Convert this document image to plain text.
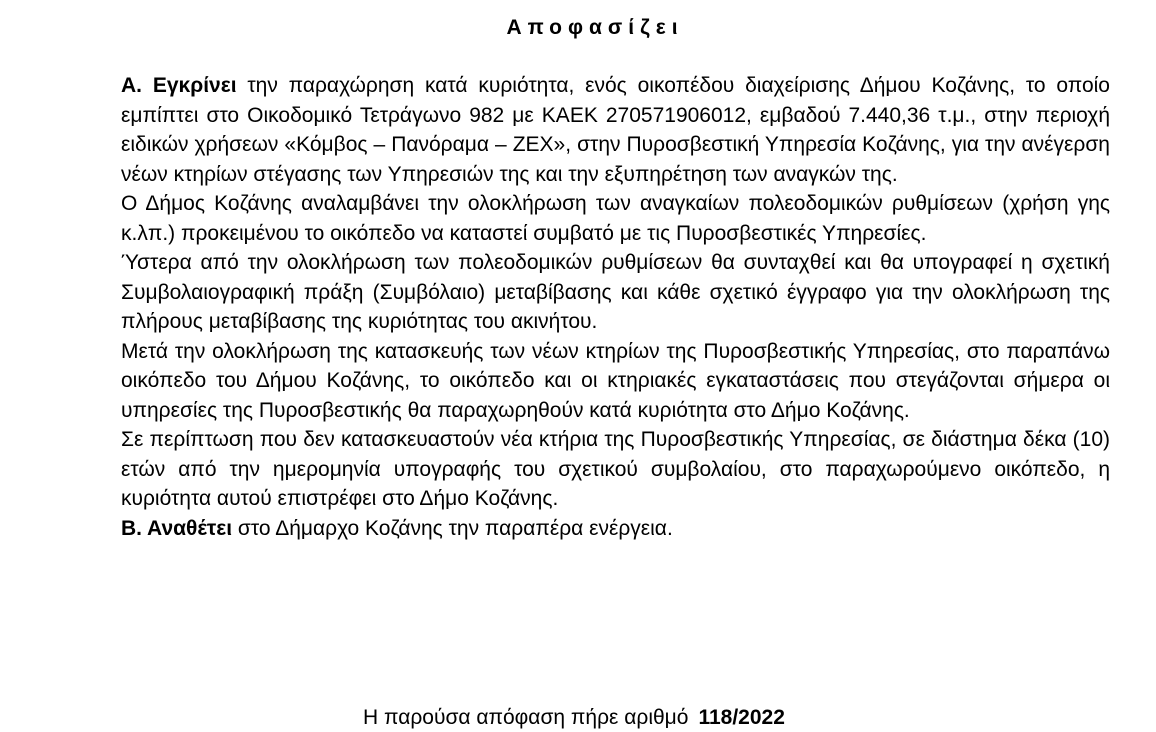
Αποφασίζει

Α. Εγκρίνει την παραχώρηση κατά κυριότητα, ενός οικοπέδου διαχείρισης Δήμου Κοζάνης, το οποίο εμπίπτει στο Οικοδομικό Τετράγωνο 982 με ΚΑΕΚ 270571906012, εμβαδού 7.440,36 τ.μ., στην περιοχή ειδικών χρήσεων «Κόμβος – Πανόραμα – ΖΕΧ», στην Πυροσβεστική Υπηρεσία Κοζάνης, για την ανέγερση νέων κτηρίων στέγασης των Υπηρεσιών της και την εξυπηρέτηση των αναγκών της.

Ο Δήμος Κοζάνης αναλαμβάνει την ολοκλήρωση των αναγκαίων πολεοδομικών ρυθμίσεων (χρήση γης κ.λπ.) προκειμένου το οικόπεδο να καταστεί συμβατό με τις Πυροσβεστικές Υπηρεσίες.

Ύστερα από την ολοκλήρωση των πολεοδομικών ρυθμίσεων θα συνταχθεί και θα υπογραφεί η σχετική Συμβολαιογραφική πράξη (Συμβόλαιο) μεταβίβασης και κάθε σχετικό έγγραφο για την ολοκλήρωση της πλήρους μεταβίβασης της κυριότητας του ακινήτου.

Μετά την ολοκλήρωση της κατασκευής των νέων κτηρίων της Πυροσβεστικής Υπηρεσίας, στο παραπάνω οικόπεδο του Δήμου Κοζάνης, το οικόπεδο και οι κτηριακές εγκαταστάσεις που στεγάζονται σήμερα οι υπηρεσίες της Πυροσβεστικής θα παραχωρηθούν κατά κυριότητα στο Δήμο Κοζάνης.

Σε περίπτωση που δεν κατασκευαστούν νέα κτήρια της Πυροσβεστικής Υπηρεσίας, σε διάστημα δέκα (10) ετών από την ημερομηνία υπογραφής του σχετικού συμβολαίου, στο παραχωρούμενο οικόπεδο, η κυριότητα αυτού επιστρέφει στο Δήμο Κοζάνης.

Β. Αναθέτει στο Δήμαρχο Κοζάνης την παραπέρα ενέργεια.

Η παρούσα απόφαση πήρε αριθμό 118/2022
